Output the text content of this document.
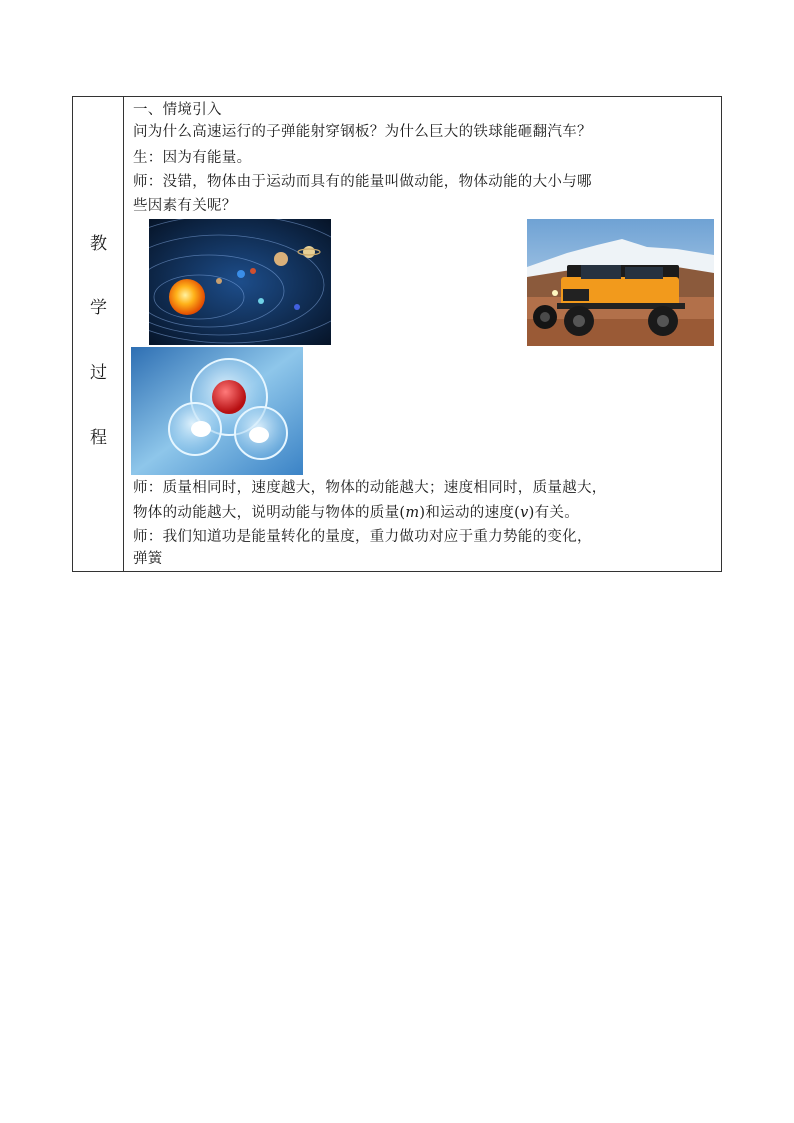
教
学
过
程
一、情境引入
问为什么高速运行的子弹能射穿钢板？为什么巨大的铁球能砸翻汽车？
生：因为有能量。
师：没错，物体由于运动而具有的能量叫做动能，物体动能的大小与哪
些因素有关呢？
师：质量相同时，速度越大，物体的动能越大；速度相同时，质量越大，
物体的动能越大，说明动能与物体的质量(m)和运动的速度(v)有关。
师：我们知道功是能量转化的量度，重力做功对应于重力势能的变化，
弹簧
